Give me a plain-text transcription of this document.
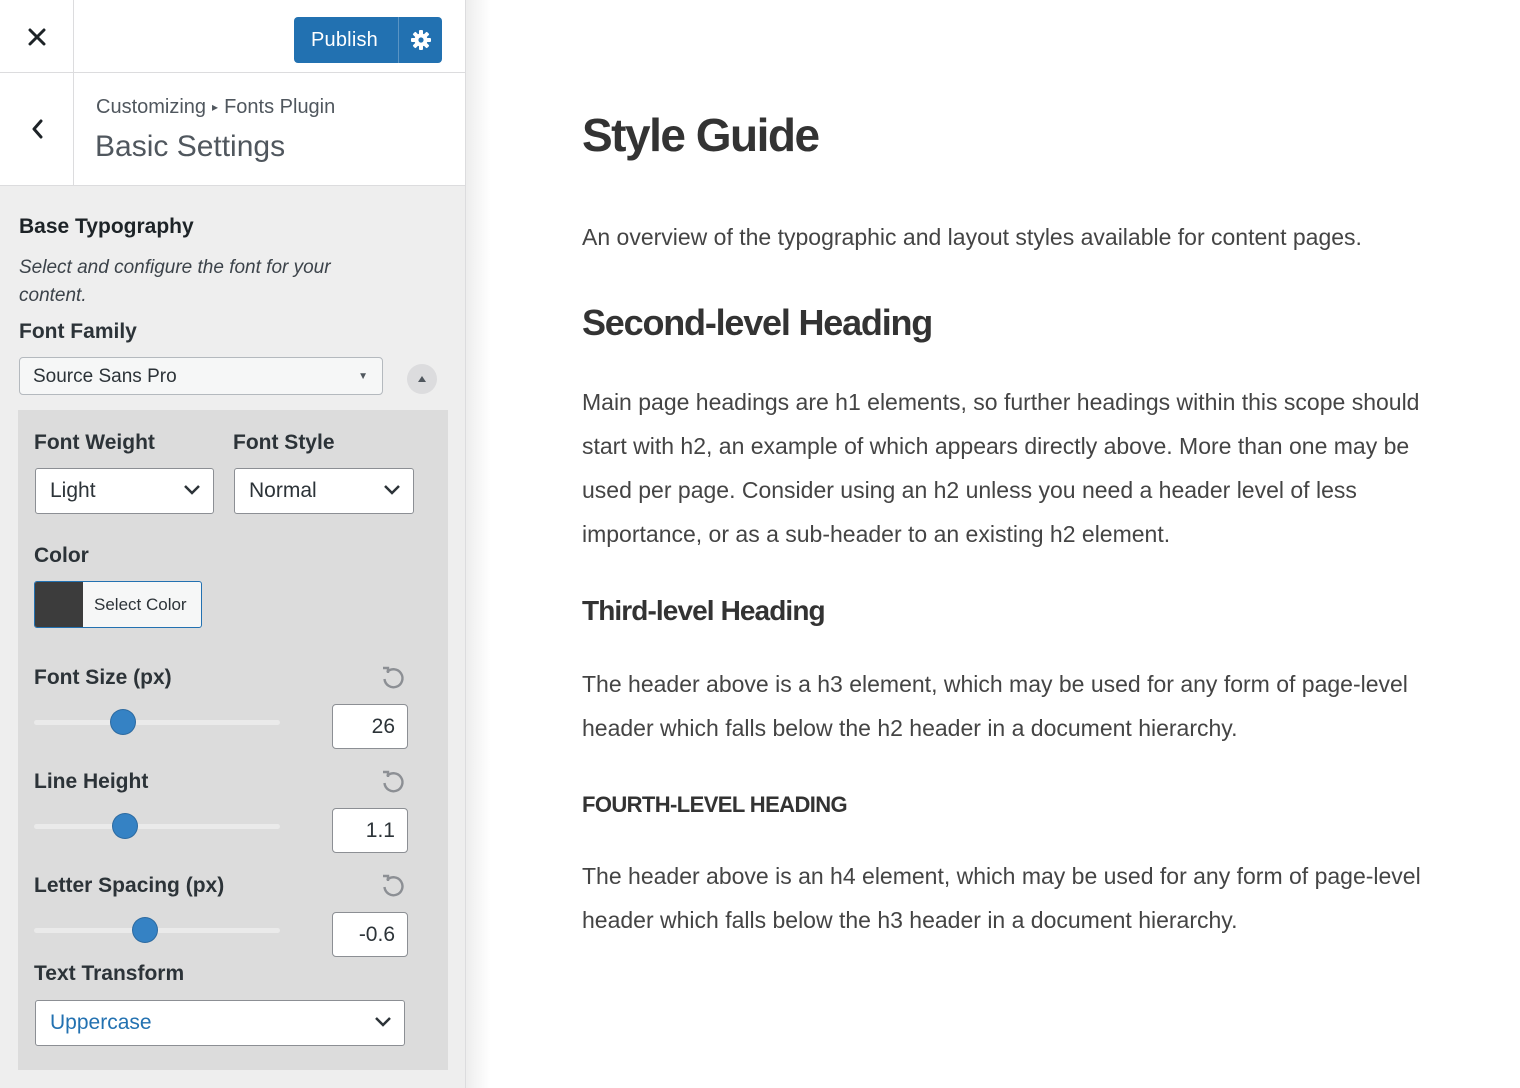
Publish
Customizing ▸ Fonts Plugin
Basic Settings
Base Typography
Select and configure the font for your content.
Font Family
Source Sans Pro	▼
Font Weight	Font Style
Light	Normal
Color
Select Color
Font Size (px)
26
Line Height
1.1
Letter Spacing (px)
-0.6
Text Transform
Uppercase
Style Guide
An overview of the typographic and layout styles available for content pages.
Second-level Heading
Main page headings are h1 elements, so further headings within this scope should
start with h2, an example of which appears directly above. More than one may be
used per page. Consider using an h2 unless you need a header level of less
importance, or as a sub-header to an existing h2 element.
Third-level Heading
The header above is a h3 element, which may be used for any form of page-level
header which falls below the h2 header in a document hierarchy.
FOURTH-LEVEL HEADING
The header above is an h4 element, which may be used for any form of page-level
header which falls below the h3 header in a document hierarchy.
